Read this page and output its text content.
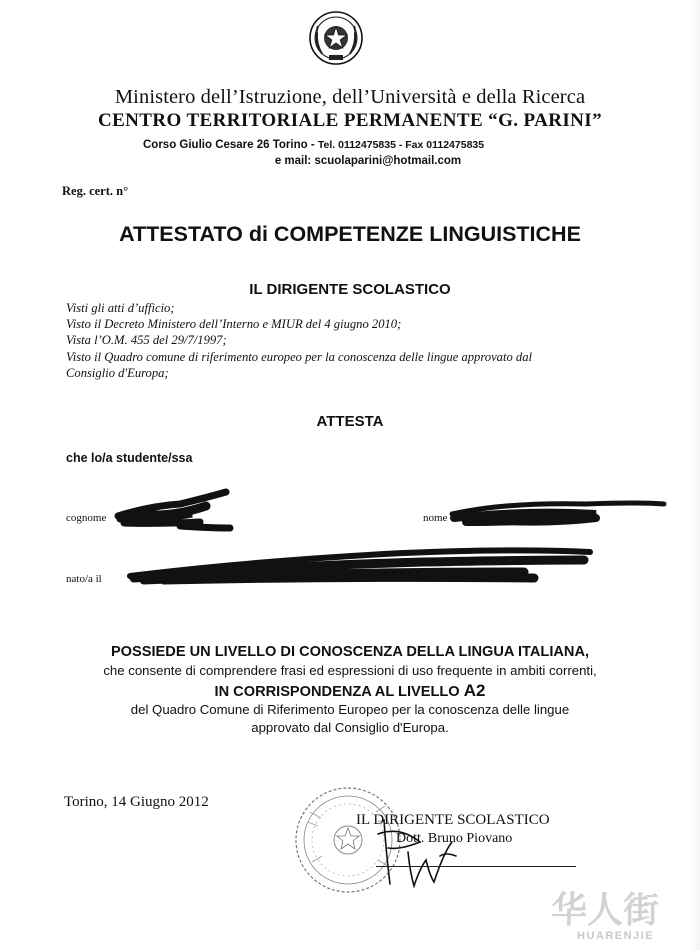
Ministero dell’Istruzione, dell’Università e della Ricerca
CENTRO TERRITORIALE PERMANENTE “G. PARINI”
Corso Giulio Cesare 26 Torino - Tel. 0112475835 - Fax 0112475835
e mail: scuolaparini@hotmail.com
Reg. cert. n°
ATTESTATO di COMPETENZE LINGUISTICHE
IL DIRIGENTE SCOLASTICO
Visti gli atti d’ufficio;
Visto il Decreto Ministero dell’Interno e MIUR del 4 giugno 2010;
Vista l’O.M. 455 del 29/7/1997;
Visto il Quadro comune di riferimento europeo per la conoscenza delle lingue approvato dal
Consiglio d'Europa;
ATTESTA
che lo/a studente/ssa
cognome	nome
nato/a il
POSSIEDE UN LIVELLO DI CONOSCENZA DELLA LINGUA ITALIANA,
che consente di comprendere frasi ed espressioni di uso frequente in ambiti correnti,
IN CORRISPONDENZA AL LIVELLO A2
del Quadro Comune di Riferimento Europeo per la conoscenza delle lingue
approvato dal Consiglio d'Europa.
Torino, 14 Giugno 2012
IL DIRIGENTE SCOLASTICO
Dott. Bruno Piovano
华人街
HUARENJIE
